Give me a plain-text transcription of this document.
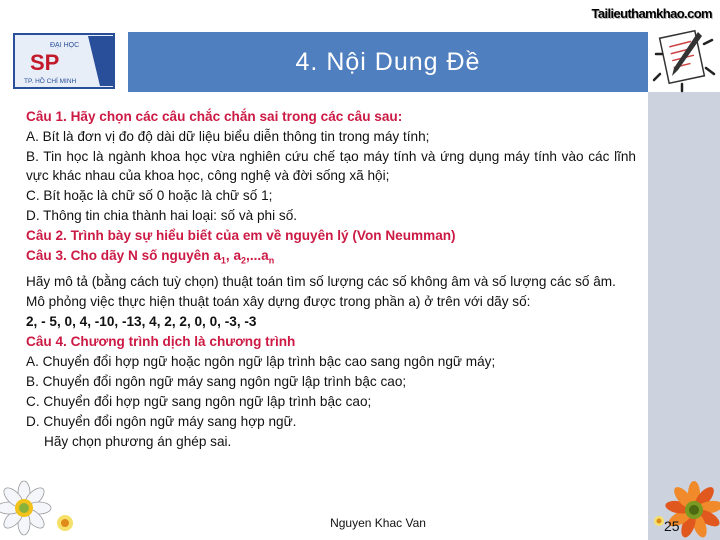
Tailieuthamkhao.com
ĐẠI HỌC
SP
TP. HỒ CHÍ MINH
4. Nội Dung Đề

Câu 1. Hãy chọn các câu chắc chắn sai trong các câu sau:

A. Bít là đơn vị đo độ dài dữ liệu biểu diễn thông tin trong máy tính;

B. Tin học là ngành khoa học vừa nghiên cứu chế tạo máy tính và ứng dụng máy tính vào các lĩnh vực khác nhau của khoa học, công nghệ và đời sống xã hội;

C. Bít hoặc là chữ số 0 hoặc là chữ số 1;

D. Thông tin chia thành hai loại: số và phi số.

Câu 2. Trình bày sự hiểu biết của em về nguyên lý (Von Neumman)

Câu 3. Cho dãy N số nguyên $a_1$, $a_2,...a_n$

Hãy mô tả (bằng cách tuỳ chọn) thuật toán tìm số lượng các số không âm và số lượng các số âm.

Mô phỏng việc thực hiện thuật toán xây dựng được trong phần a) ở trên với dãy số:

2, - 5, 0, 4, -10, -13, 4, 2, 2, 0, 0, -3, -3

Câu 4. Chương trình dịch là chương trình

A. Chuyển đổi hợp ngữ hoặc ngôn ngữ lập trình bậc cao sang ngôn ngữ máy;

B. Chuyển đổi ngôn ngữ máy sang ngôn ngữ lập trình bậc cao;

C. Chuyển đổi hợp ngữ sang ngôn ngữ lập trình bậc cao;

D. Chuyển đổi ngôn ngữ máy sang hợp ngữ.

Hãy chọn phương án ghép sai.

Nguyen Khac Van	25
